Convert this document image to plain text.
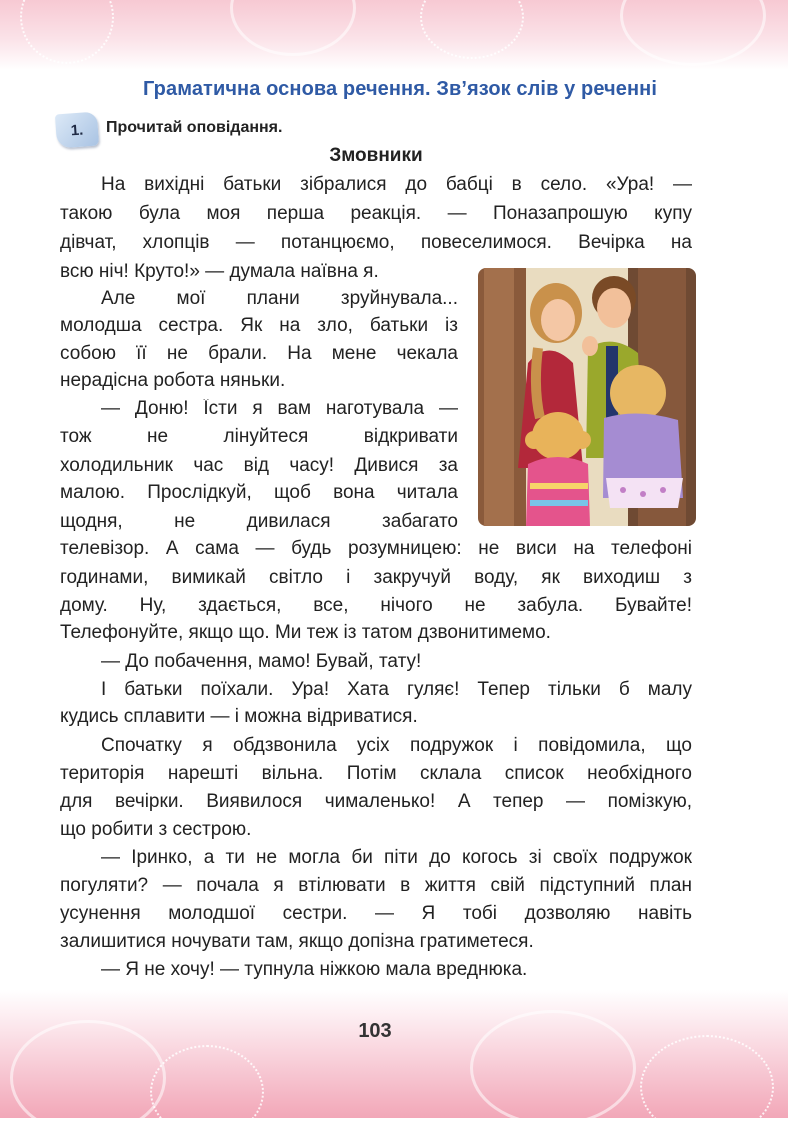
Граматична основа речення. Зв’язок слів у реченні
1. Прочитай оповідання.
Змовники
На вихідні батьки зібралися до бабці в село. «Ура! —
такою була моя перша реакція. — Поназапрошую купу
дівчат, хлопців — потанцюємо, повеселимося. Вечірка на
всю ніч! Круто!» — думала наївна я.
Але мої плани зруйнувала...
молодша сестра. Як на зло, батьки із
собою її не брали. На мене чекала
нерадісна робота няньки.
— Доню! Їсти я вам наготувала —
тож не лінуйтеся відкривати
холодильник час від часу! Дивися за
малою. Прослідкуй, щоб вона читала
щодня, не дивилася забагато
телевізор. А сама — будь розумницею: не виси на телефоні
годинами, вимикай світло і закручуй воду, як виходиш з
дому. Ну, здається, все, нічого не забула. Бувайте!
Телефонуйте, якщо що. Ми теж із татом дзвонитимемо.
— До побачення, мамо! Бувай, тату!
І батьки поїхали. Ура! Хата гуляє! Тепер тільки б малу
кудись сплавити — і можна відриватися.
Спочатку я обдзвонила усіх подружок і повідомила, що
територія нарешті вільна. Потім склала список необхідного
для вечірки. Виявилося чималенько! А тепер — помізкую,
що робити з сестрою.
— Іринко, а ти не могла би піти до когось зі своїх подружок
погуляти? — почала я втілювати в життя свій підступний план
усунення молодшої сестри. — Я тобі дозволяю навіть
залишитися ночувати там, якщо допізна гратиметеся.
— Я не хочу! — тупнула ніжкою мала вреднюка.
103
